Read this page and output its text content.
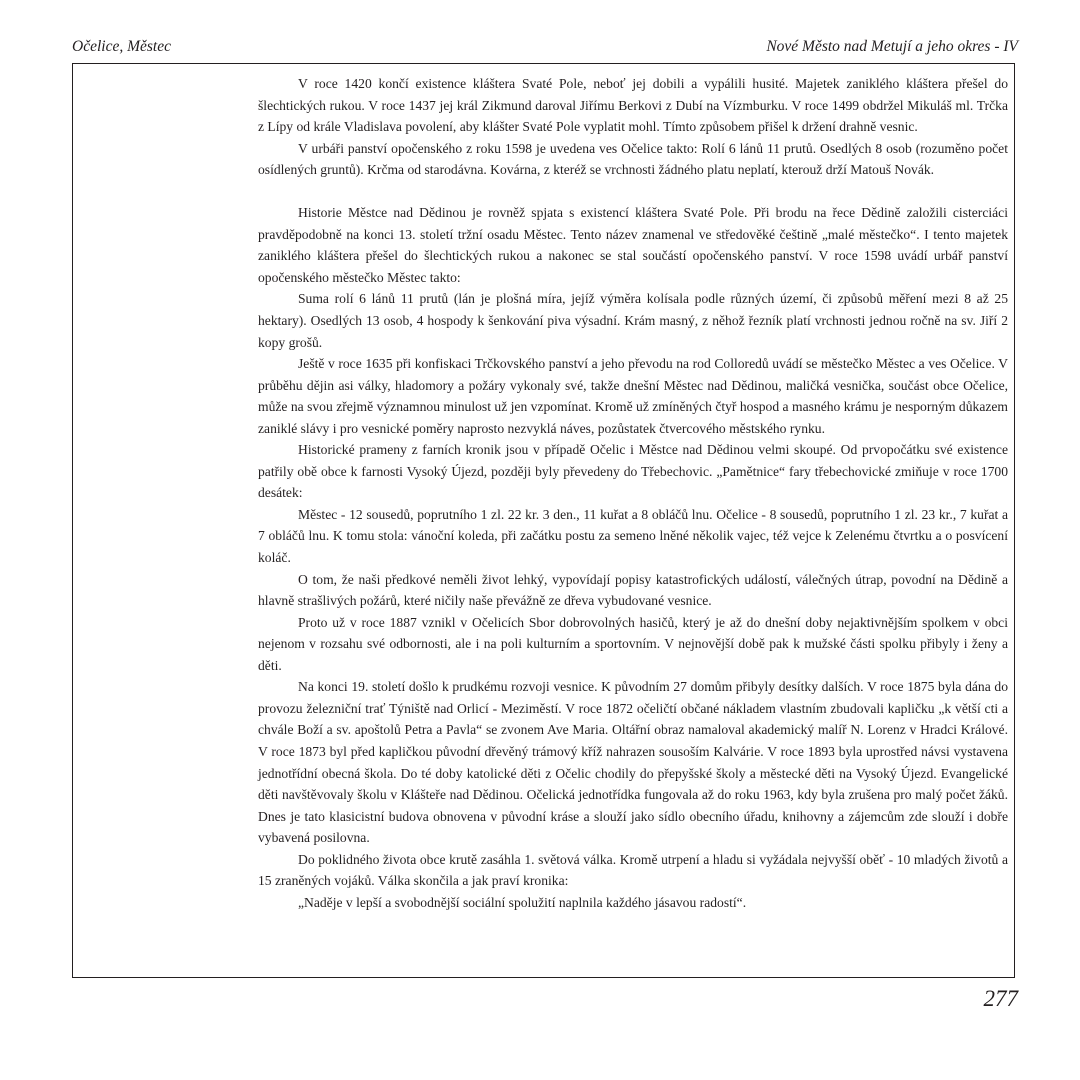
Očelice, Městec	Nové Město nad Metují a jeho okres - IV

V roce 1420 končí existence kláštera Svaté Pole, neboť jej dobili a vypálili husité. Majetek zaniklého kláštera přešel do šlechtických rukou. V roce 1437 jej král Zikmund daroval Jiřímu Berkovi z Dubí na Vízmburku. V roce 1499 obdržel Mikuláš ml. Trčka z Lípy od krále Vladislava povolení, aby klášter Svaté Pole vyplatit mohl. Tímto způsobem přišel k držení drahně vesnic.

V urbáři panství opočenského z roku 1598 je uvedena ves Očelice takto: Rolí 6 lánů 11 prutů. Osedlých 8 osob (rozuměno počet osídlených gruntů). Krčma od starodávna. Kovárna, z kteréž se vrchnosti žádného platu neplatí, kterouž drží Matouš Novák.

Historie Městce nad Dědinou je rovněž spjata s existencí kláštera Svaté Pole. Při brodu na řece Dědině založili cisterciáci pravděpodobně na konci 13. století tržní osadu Městec. Tento název znamenal ve středověké češtině „malé městečko“. I tento majetek zaniklého kláštera přešel do šlechtických rukou a nakonec se stal součástí opočenského panství. V roce 1598 uvádí urbář panství opočenského městečko Městec takto:

Suma rolí 6 lánů 11 prutů (lán je plošná míra, jejíž výměra kolísala podle různých území, či způsobů měření mezi 8 až 25 hektary). Osedlých 13 osob, 4 hospody k šenkování piva výsadní. Krám masný, z něhož řezník platí vrchnosti jednou ročně na sv. Jiří 2 kopy grošů.

Ještě v roce 1635 při konfiskaci Trčkovského panství a jeho převodu na rod Colloredů uvádí se městečko Městec a ves Očelice. V průběhu dějin asi války, hladomory a požáry vykonaly své, takže dnešní Městec nad Dědinou, maličká vesnička, součást obce Očelice, může na svou zřejmě významnou minulost už jen vzpomínat. Kromě už zmíněných čtyř hospod a masného krámu je nesporným důkazem zaniklé slávy i pro vesnické poměry naprosto nezvyklá náves, pozůstatek čtvercového městského rynku.

Historické prameny z farních kronik jsou v případě Očelic i Městce nad Dědinou velmi skoupé. Od prvopočátku své existence patřily obě obce k farnosti Vysoký Újezd, později byly převedeny do Třebechovic. „Pamětnice“ fary třebechovické zmiňuje v roce 1700 desátek:

Městec - 12 sousedů, poprutního 1 zl. 22 kr. 3 den., 11 kuřat a 8 obláčů lnu. Očelice - 8 sousedů, poprutního 1 zl. 23 kr., 7 kuřat a 7 obláčů lnu. K tomu stola: vánoční koleda, při začátku postu za semeno lněné několik vajec, též vejce k Zelenému čtvrtku a o posvícení koláč.

O tom, že naši předkové neměli život lehký, vypovídají popisy katastrofických událostí, válečných útrap, povodní na Dědině a hlavně strašlivých požárů, které ničily naše převážně ze dřeva vybudované vesnice.

Proto už v roce 1887 vznikl v Očelicích Sbor dobrovolných hasičů, který je až do dnešní doby nejaktivnějším spolkem v obci nejenom v rozsahu své odbornosti, ale i na poli kulturním a sportovním. V nejnovější době pak k mužské části spolku přibyly i ženy a děti.

Na konci 19. století došlo k prudkému rozvoji vesnice. K původním 27 domům přibyly desítky dalších. V roce 1875 byla dána do provozu železniční trať Týniště nad Orlicí - Meziměstí. V roce 1872 očeličtí občané nákladem vlastním zbudovali kapličku „k větší cti a chvále Boží a sv. apoštolů Petra a Pavla“ se zvonem Ave Maria. Oltářní obraz namaloval akademický malíř N. Lorenz v Hradci Králové. V roce 1873 byl před kapličkou původní dřevěný trámový kříž nahrazen sousoším Kalvárie. V roce 1893 byla uprostřed návsi vystavena jednotřídní obecná škola. Do té doby katolické děti z Očelic chodily do přepyšské školy a městecké děti na Vysoký Újezd. Evangelické děti navštěvovaly školu v Klášteře nad Dědinou. Očelická jednotřídka fungovala až do roku 1963, kdy byla zrušena pro malý počet žáků. Dnes je tato klasicistní budova obnovena v původní kráse a slouží jako sídlo obecního úřadu, knihovny a zájemcům zde slouží i dobře vybavená posilovna.

Do poklidného života obce krutě zasáhla 1. světová válka. Kromě utrpení a hladu si vyžádala nejvyšší oběť - 10 mladých životů a 15 zraněných vojáků. Válka skončila a jak praví kronika:

„Naděje v lepší a svobodnější sociální spolužití naplnila každého jásavou radostí“.

277
